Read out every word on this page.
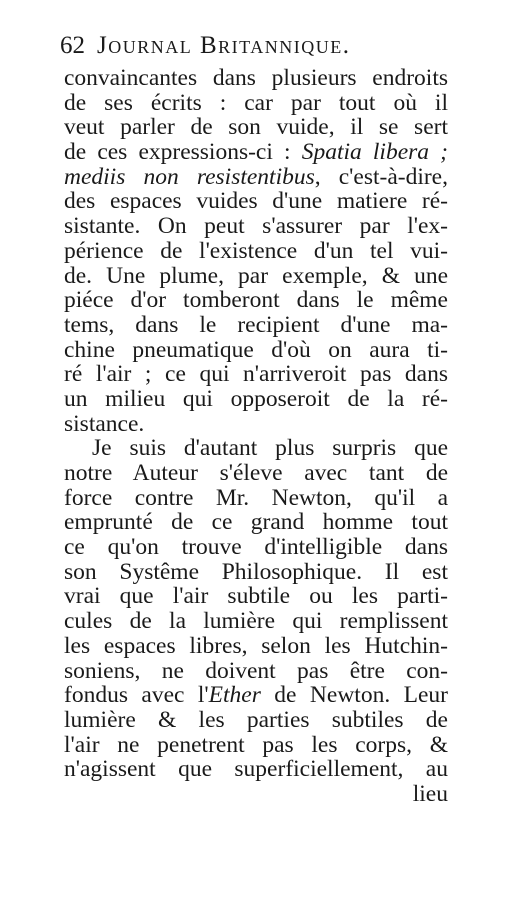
62 Journal Britannique.
convaincantes dans plusieurs endroits
de ses écrits : car par tout où il
veut parler de son vuide, il se sert
de ces expressions-ci : Spatia libera ;
mediis non resistentibus, c'est-à-dire,
des espaces vuides d'une matiere ré-
sistante. On peut s'assurer par l'ex-
périence de l'existence d'un tel vui-
de. Une plume, par exemple, & une
piéce d'or tomberont dans le même
tems, dans le recipient d'une ma-
chine pneumatique d'où on aura ti-
ré l'air ; ce qui n'arriveroit pas dans
un milieu qui opposeroit de la ré-
sistance.
Je suis d'autant plus surpris que
notre Auteur s'éleve avec tant de
force contre Mr. Newton, qu'il a
emprunté de ce grand homme tout
ce qu'on trouve d'intelligible dans
son Systême Philosophique. Il est
vrai que l'air subtile ou les parti-
cules de la lumière qui remplissent
les espaces libres, selon les Hutchin-
soniens, ne doivent pas être con-
fondus avec l'Ether de Newton. Leur
lumière & les parties subtiles de
l'air ne penetrent pas les corps, &
n'agissent que superficiellement, au
lieu
